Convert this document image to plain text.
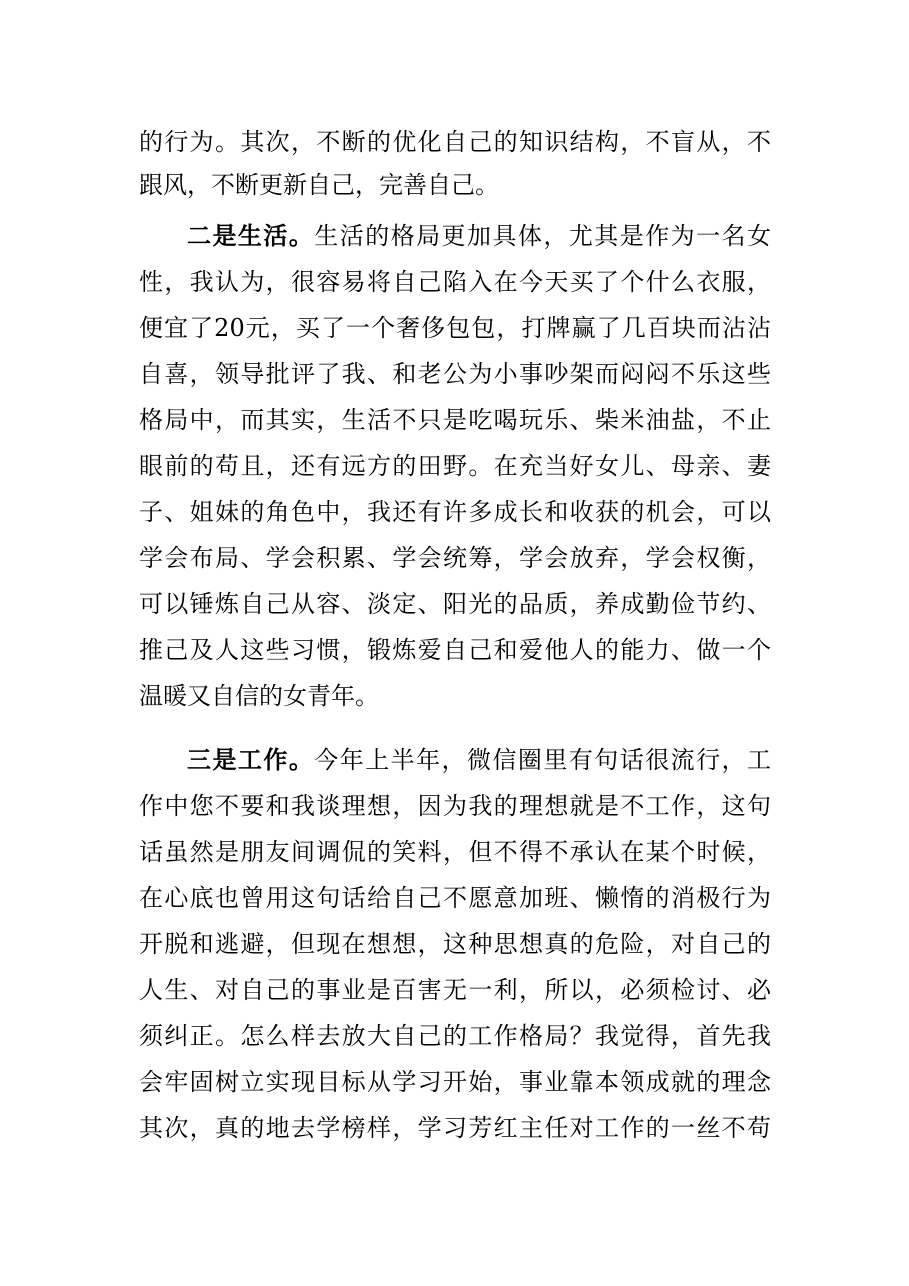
的行为。其次，不断的优化自己的知识结构，不盲从，不
跟风，不断更新自己，完善自己。
二是生活。生活的格局更加具体，尤其是作为一名女
性，我认为，很容易将自己陷入在今天买了个什么衣服，
便宜了20元，买了一个奢侈包包，打牌赢了几百块而沾沾
自喜，领导批评了我、和老公为小事吵架而闷闷不乐这些
格局中，而其实，生活不只是吃喝玩乐、柴米油盐，不止
眼前的苟且，还有远方的田野。在充当好女儿、母亲、妻
子、姐妹的角色中，我还有许多成长和收获的机会，可以
学会布局、学会积累、学会统筹，学会放弃，学会权衡，
可以锤炼自己从容、淡定、阳光的品质，养成勤俭节约、
推己及人这些习惯，锻炼爱自己和爱他人的能力、做一个
温暖又自信的女青年。
三是工作。今年上半年，微信圈里有句话很流行，工
作中您不要和我谈理想，因为我的理想就是不工作，这句
话虽然是朋友间调侃的笑料，但不得不承认在某个时候，
在心底也曾用这句话给自己不愿意加班、懒惰的消极行为
开脱和逃避，但现在想想，这种思想真的危险，对自己的
人生、对自己的事业是百害无一利，所以，必须检讨、必
须纠正。怎么样去放大自己的工作格局？我觉得，首先我
会牢固树立实现目标从学习开始，事业靠本领成就的理念
其次，真的地去学榜样，学习芳红主任对工作的一丝不苟
